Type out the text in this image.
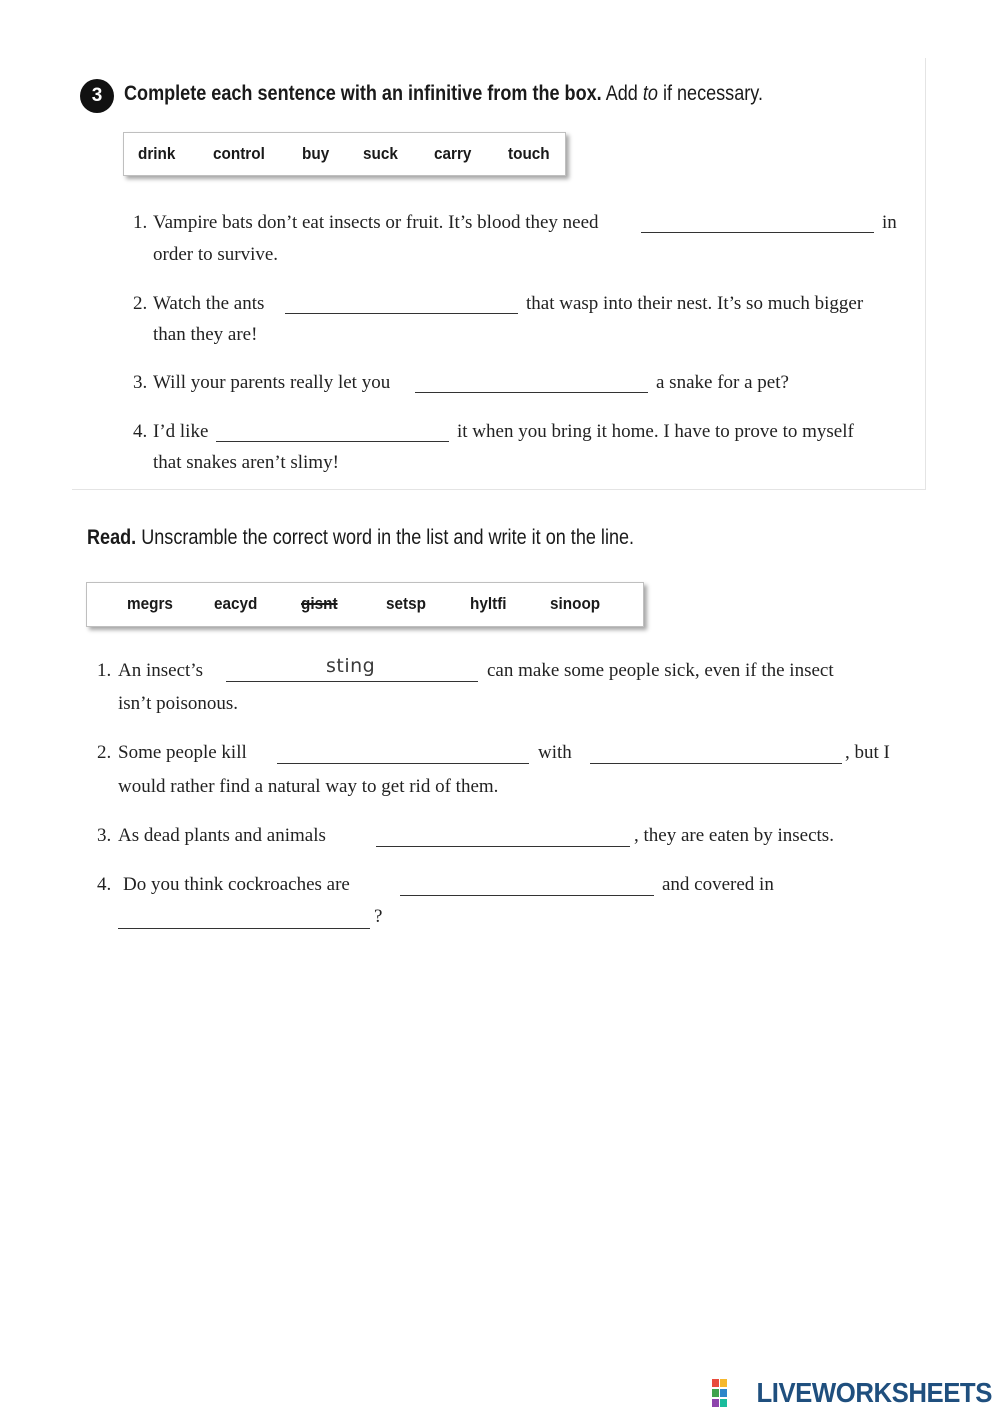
3	Complete each sentence with an infinitive from the box. Add to if necessary.
drink control buy suck carry touch
1. Vampire bats don’t eat insects or fruit. It’s blood they need	in
order to survive.
2. Watch the ants	that wasp into their nest. It’s so much bigger
than they are!
3. Will your parents really let you	a snake for a pet?
4. I’d like	it when you bring it home. I have to prove to myself
that snakes aren’t slimy!
Read. Unscramble the correct word in the list and write it on the line.
megrs eacyd	gisnt	setsp	hyltfi	sinoop
1. An insect’s	sting	can make some people sick, even if the insect
isn’t poisonous.
2. Some people kill	with	, but I
would rather find a natural way to get rid of them.
3. As dead plants and animals	, they are eaten by insects.
4. Do you think cockroaches are	and covered in
?
LIVEWORKSHEETS
